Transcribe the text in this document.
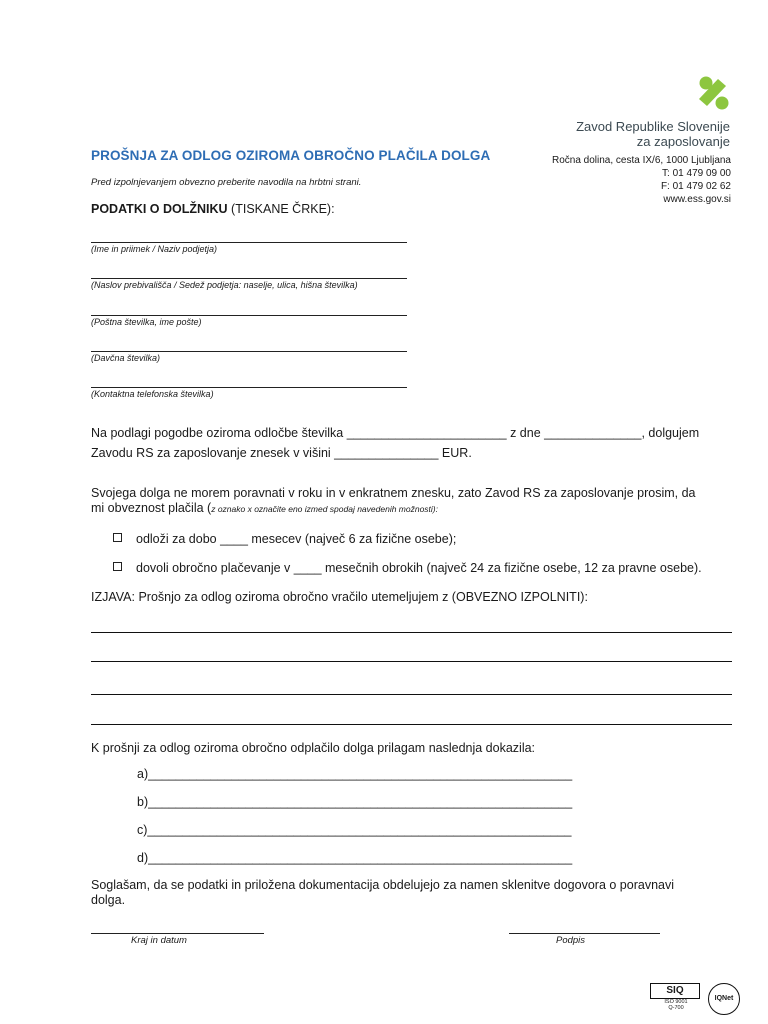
Zavod Republike Slovenije
za zaposlovanje
Ročna dolina, cesta IX/6, 1000 Ljubljana
T: 01 479 09 00
F: 01 479 02 62
www.ess.gov.si
PROŠNJA ZA ODLOG OZIROMA OBROČNO PLAČILA DOLGA
Pred izpolnjevanjem obvezno preberite navodila na hrbtni strani.
PODATKI O DOLŽNIKU (TISKANE ČRKE):
(Ime in priimek / Naziv podjetja)
(Naslov prebivališča / Sedež podjetja: naselje, ulica, hišna številka)
(Poštna številka, ime pošte)
(Davčna številka)
(Kontaktna telefonska številka)
Na podlagi pogodbe oziroma odločbe številka _______________________ z dne ______________, dolgujem
Zavodu RS za zaposlovanje znesek v višini _______________ EUR.
Svojega dolga ne morem poravnati v roku in v enkratnem znesku, zato Zavod RS za zaposlovanje prosim, da
mi obveznost plačila (z oznako x označite eno izmed spodaj navedenih možnosti):
odloži za dobo ____ mesecev (največ 6 za fizične osebe);
dovoli obročno plačevanje v ____ mesečnih obrokih (največ 24 za fizične osebe, 12 za pravne osebe).
IZJAVA: Prošnjo za odlog oziroma obročno vračilo utemeljujem z (OBVEZNO IZPOLNITI):
K prošnji za odlog oziroma obročno odplačilo dolga prilagam naslednja dokazila:
a)_____________________________________________________________
b)_____________________________________________________________
c)_____________________________________________________________
d)_____________________________________________________________
Soglašam, da se podatki in priložena dokumentacija obdelujejo za namen sklenitve dogovora o poravnavi
dolga.
Kraj in datum	Podpis
SIQ
ISO 9001
Q-700
IQNet
